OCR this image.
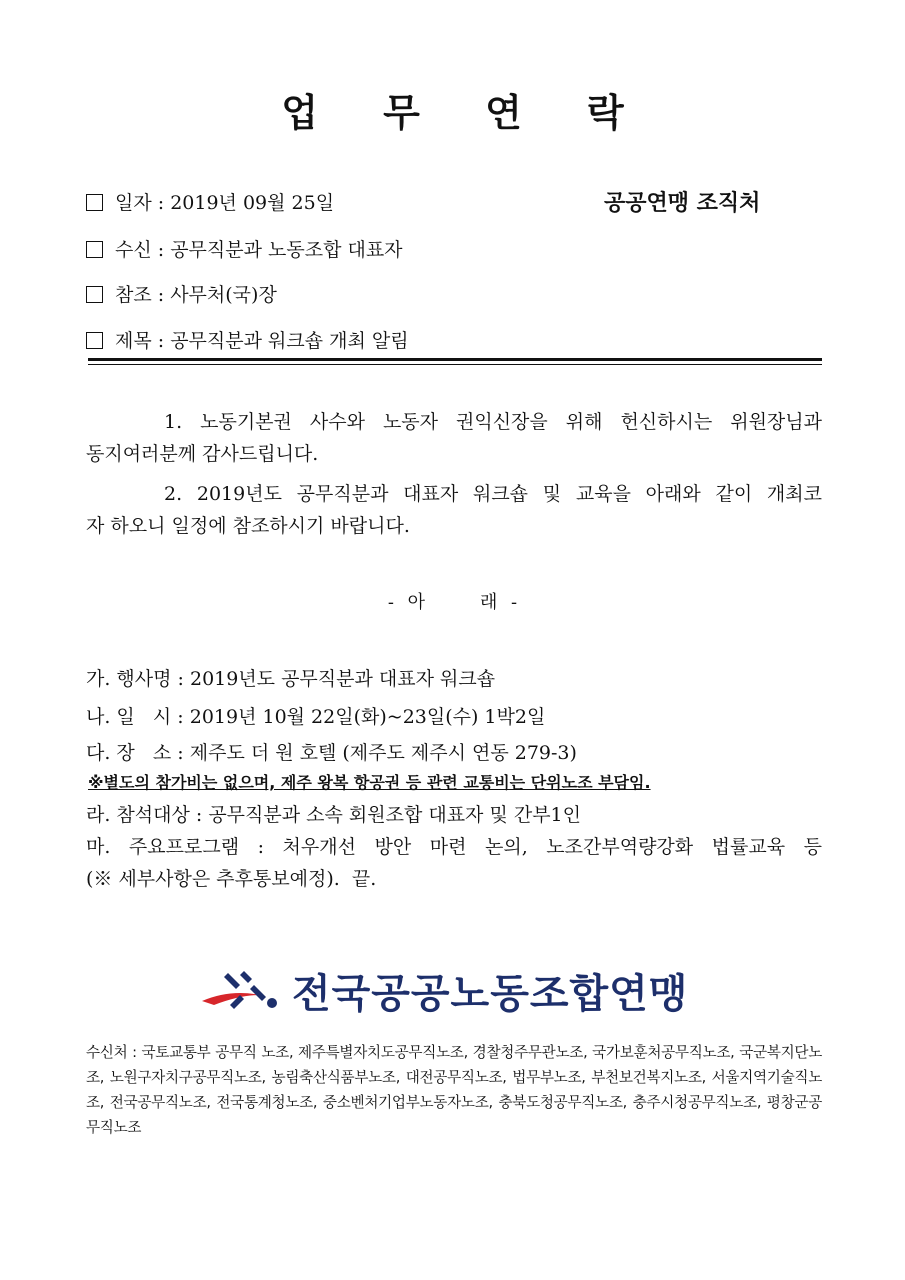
업 무 연 락
일자 : 2019년 09월 25일	공공연맹 조직처
수신 : 공무직분과 노동조합 대표자
참조 : 사무처(국)장
제목 : 공무직분과 워크숍 개최 알림
1. 노동기본권 사수와 노동자 권익신장을 위해 헌신하시는 위원장님과
동지여러분께 감사드립니다.
2. 2019년도 공무직분과 대표자 워크숍 및 교육을 아래와 같이 개최코
자 하오니 일정에 참조하시기 바랍니다.
- 아    래 -
가. 행사명 : 2019년도 공무직분과 대표자 워크숍
나. 일   시 : 2019년 10월 22일(화)~23일(수) 1박2일
다. 장   소 : 제주도 더 원 호텔 (제주도 제주시 연동 279-3)
※별도의 참가비는 없으며, 제주 왕복 항공권 등 관련 교통비는 단위노조 부담임.
라. 참석대상 : 공무직분과 소속 회원조합 대표자 및 간부1인
마. 주요프로그램 : 처우개선 방안 마련 논의, 노조간부역량강화 법률교육 등
(※ 세부사항은 추후통보예정).  끝.
전국공공노동조합연맹
수신처 : 국토교통부 공무직 노조, 제주특별자치도공무직노조, 경찰청주무관노조, 국가보훈처공무직노조, 국군복지단노조, 노원구자치구공무직노조, 농림축산식품부노조, 대전공무직노조, 법무부노조, 부천보건복지노조, 서울지역기술직노조, 전국공무직노조, 전국통계청노조, 중소벤처기업부노동자노조, 충북도청공무직노조, 충주시청공무직노조, 평창군공무직노조
